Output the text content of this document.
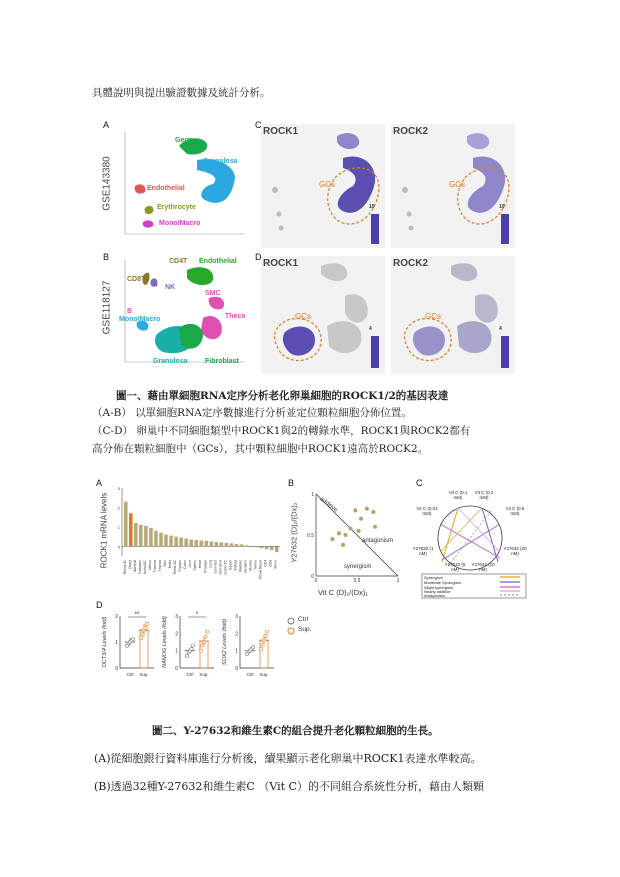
具體說明與提出驗證數據及統計分析。
A	C
B	D
GSE143380
GSE118127
Germ
Granulosa
Endothelial
Erythrocyte
Mono/Macro
CD4T Endothelial
CD8T
NK
SMC
B
Theca
Mono/Macro
Granulosa Fibroblast
ROCK1
GCs
10
ROCK2
GCs
10
ROCK1
GCs
4
ROCK2
GCs
4
圖一、藉由單細胞RNA定序分析老化卵巢細胞的ROCK1/2的基因表達
（A-B） 以單細胞RNA定序數據進行分析並定位顆粒細胞分佈位置。
（C-D） 卵巢中不同細胞類型中ROCK1與2的轉錄水準，ROCK1與ROCK2都有
高分佈在顆粒細胞中（GCs），其中顆粒細胞中ROCK1遠高於ROCK2。
A	B	C
D
ROCK1 mRNA levels 0
1
2
3
Retina-IC Ovary Adrenal Fallopian Aorta-EC Uterus Trachea Thyroid Skin Testis Testis-SC Thymus Colon Liver Spleen Heart Prostate Lung Cerv-Ect Cerv-End Colon-TC Esoph Kidney Bladder Stomach Muscle Nerve Whole Blood CD4 CD8 Mono
Y27632 (D)₂/(Dx)₂
0
0
0.5
0.5
1
1
Vit C (D)₁/(Dx)₁
additive
antagonism
synergism
Vit C (0.1 mM)
Vit C (0.2 mM)
Vit C (0.01 mM)
Vit C (0.5 mM)
Y27632 (1 nM)
Y27632 (20 nM)
Y27632 (5 nM)
Y27632 (10 nM)
Synergism
Moderate Synergism
Slight synergism
Nearly additive
Antagonism
0
1
2
OCT3/4 Levels (fold)
**
Ctrl Sup.
0
1
2
3
NANOG Levels (fold)
*
Ctrl Sup.
0
1
2
3
SOX2 Levels (fold)
Ctrl Sup.
Ctrl
Sup.
圖二、Y-27632和維生素C的組合提升老化顆粒細胞的生長。
(A)從細胞銀行資料庫進行分析後，續果顯示老化卵巢中ROCK1表達水準較高。
(B)透過32種Y-27632和維生素C （Vit C）的不同組合系統性分析，藉由人類顆
